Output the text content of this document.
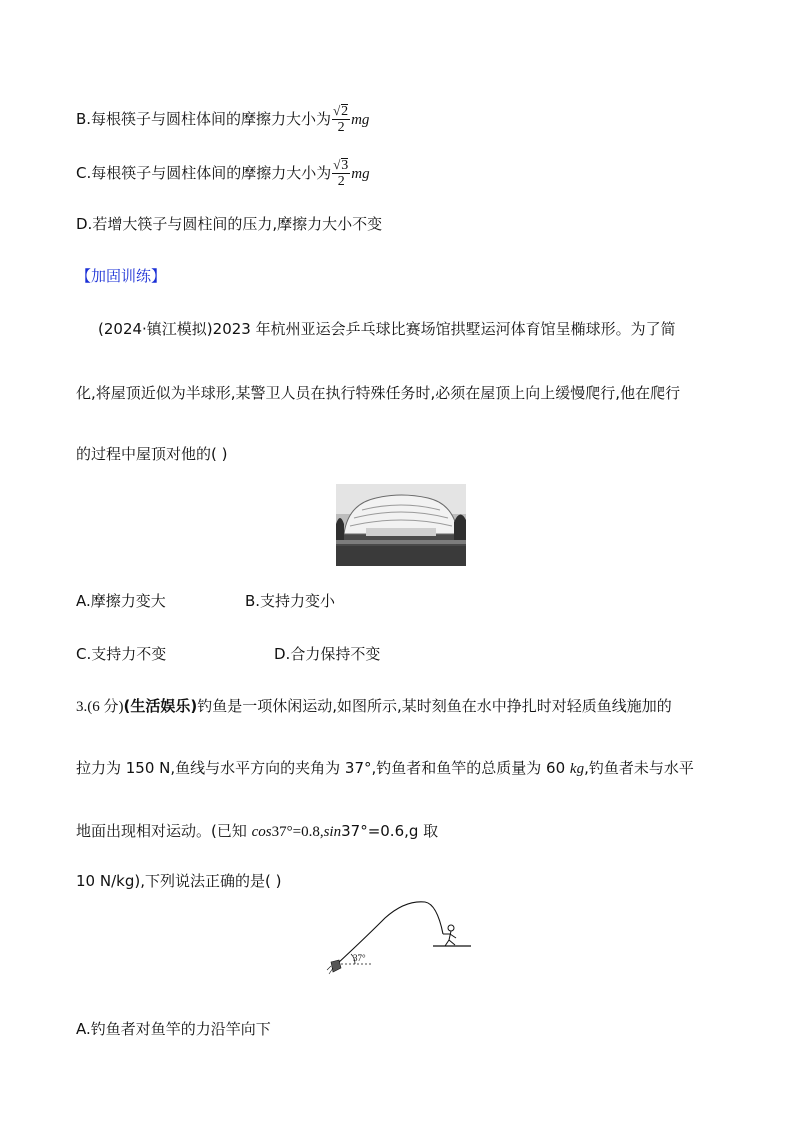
B.每根筷子与圆柱体间的摩擦力大小为 √ $\frac{2}{2}$ mg
C.每根筷子与圆柱体间的摩擦力大小为 √ $\frac{3}{2}$ mg
D.若增大筷子与圆柱间的压力,摩擦力大小不变
【加固训练】
(2024·镇江模拟)2023 年杭州亚运会乒乓球比赛场馆拱墅运河体育馆呈椭球形。为了简
化,将屋顶近似为半球形,某警卫人员在执行特殊任务时,必须在屋顶上向上缓慢爬行,他在爬行
的过程中屋顶对他的( )
A.摩擦力变大	B.支持力变小
C.支持力不变	D.合力保持不变
3.(6 分)(生活娱乐)钓鱼是一项休闲运动,如图所示,某时刻鱼在水中挣扎时对轻质鱼线施加的
拉力为 150 N,鱼线与水平方向的夹角为 37°,钓鱼者和鱼竿的总质量为 60 kg,钓鱼者未与水平
地面出现相对运动。(已知 cos37°=0.8,sin37°=0.6,g 取
10 N/kg),下列说法正确的是( )
37°
A.钓鱼者对鱼竿的力沿竿向下
